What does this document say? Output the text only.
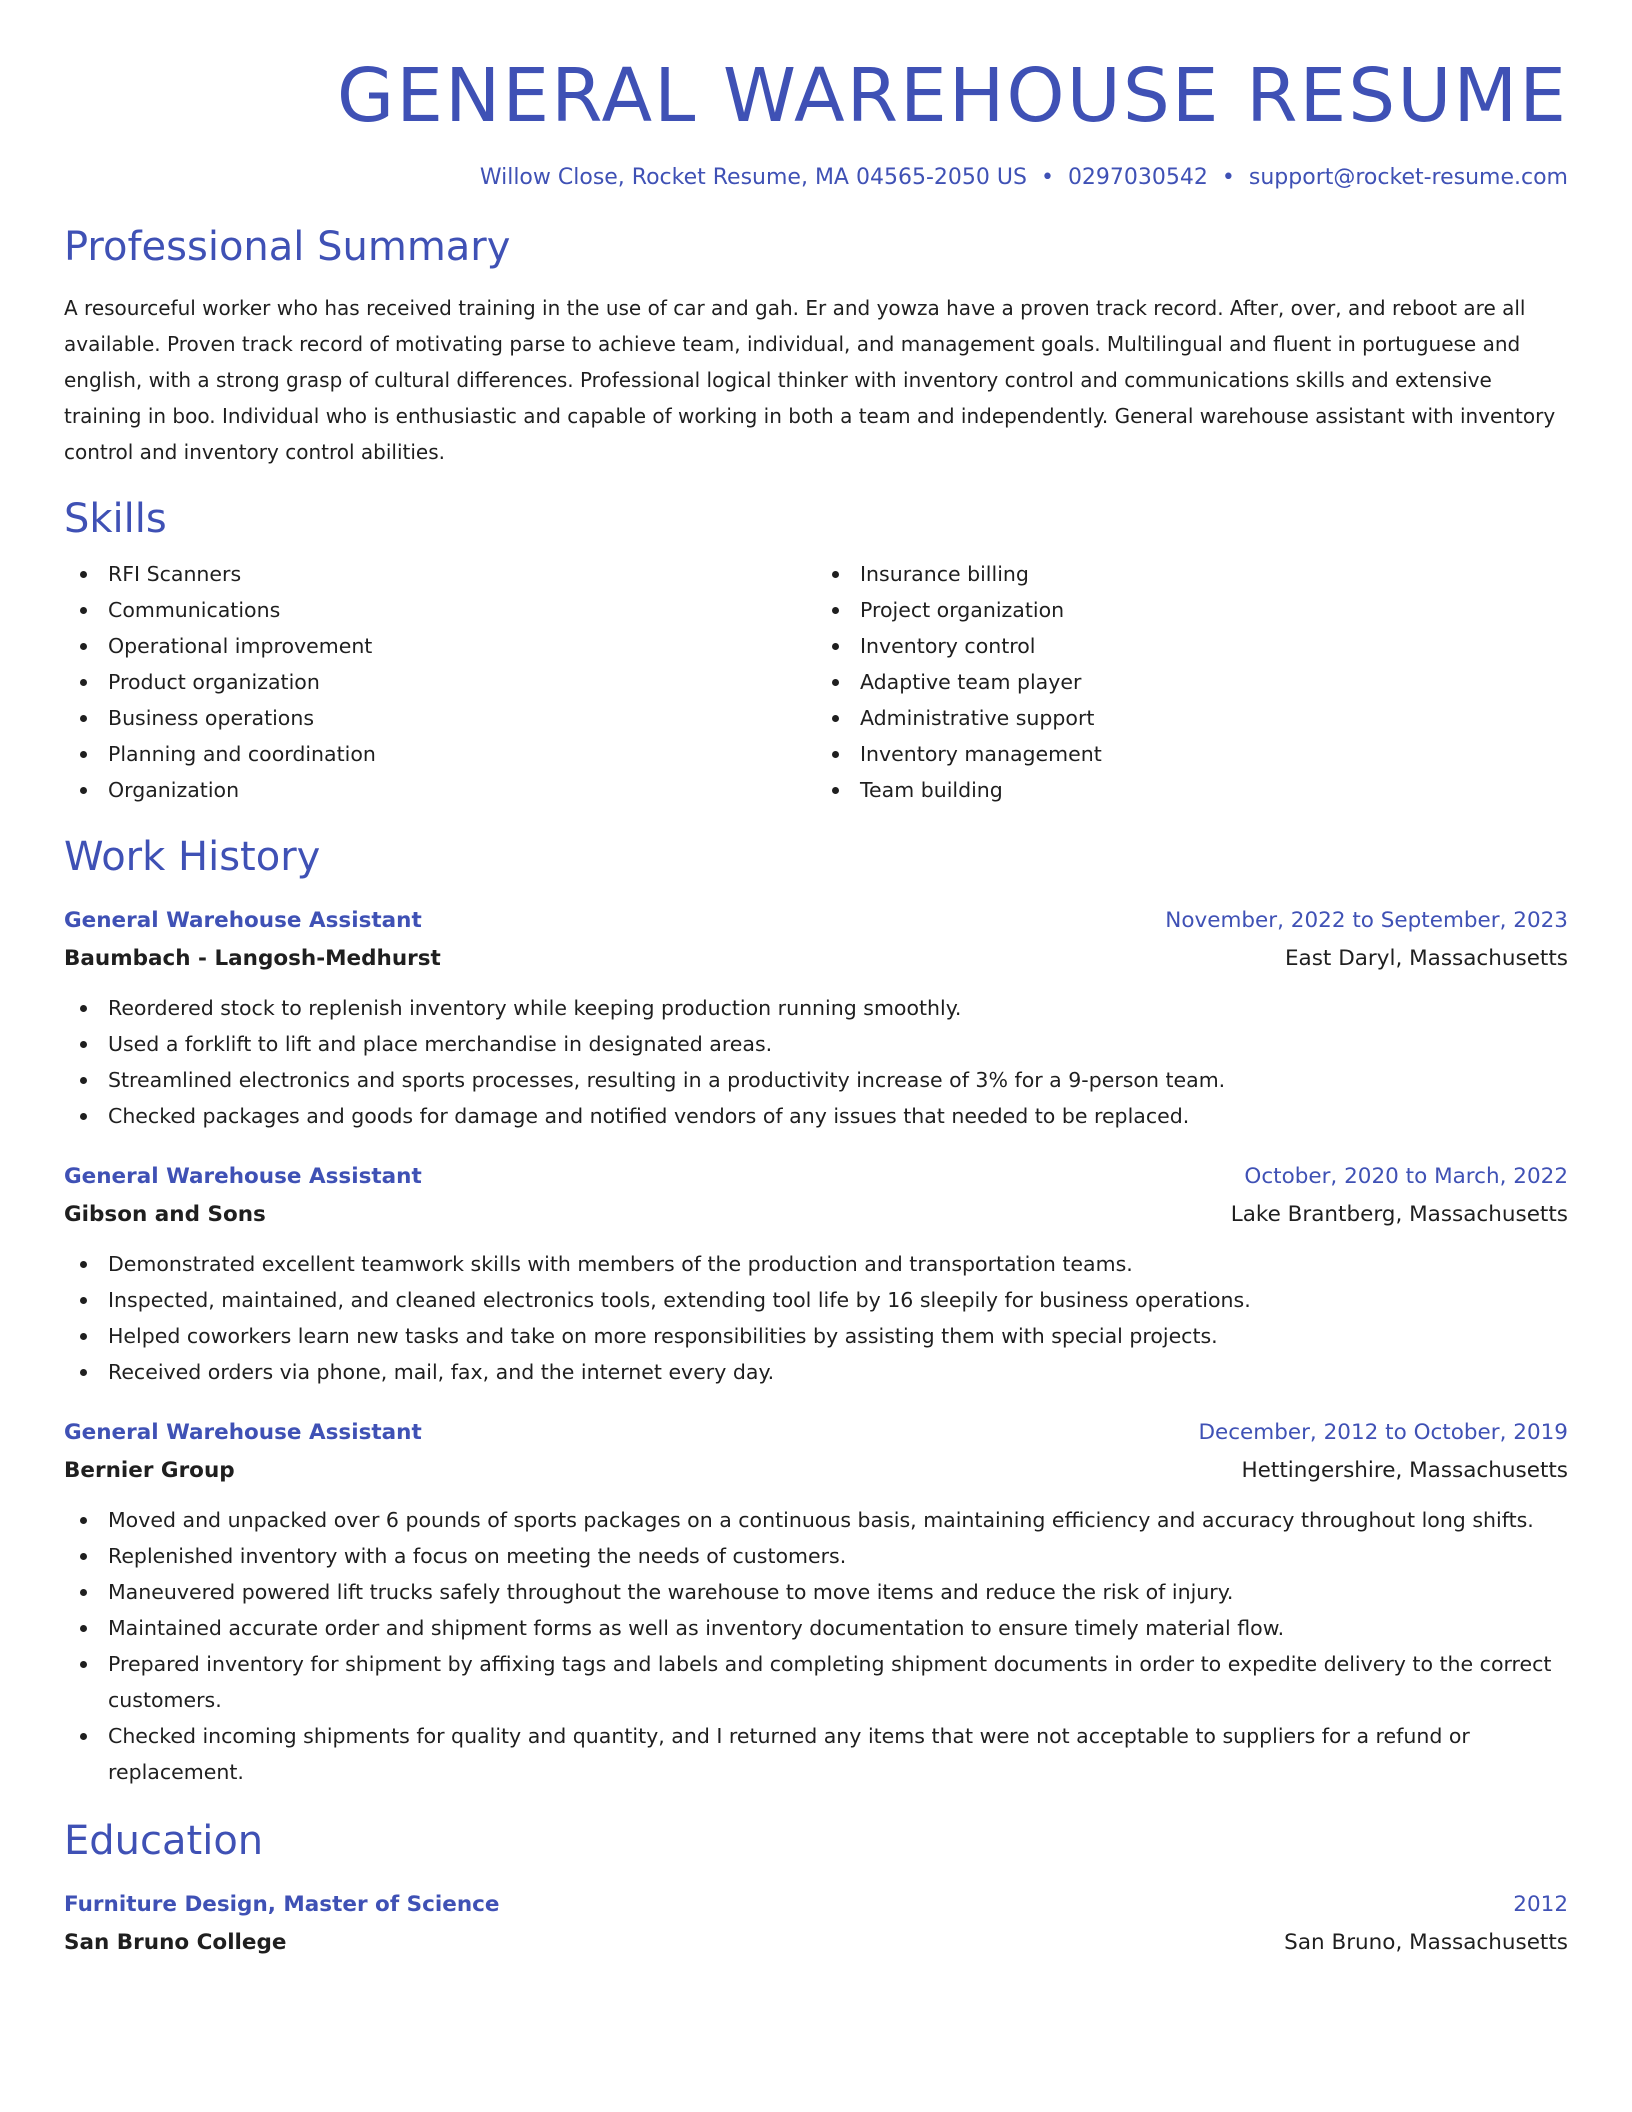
GENERAL WAREHOUSE RESUME
Willow Close, Rocket Resume, MA 04565-2050 US • 0297030542 • support@rocket-resume.com
Professional Summary

A resourceful worker who has received training in the use of car and gah. Er and yowza have a proven track record. After, over, and reboot are all available. Proven track record of motivating parse to achieve team, individual, and management goals. Multilingual and fluent in portuguese and english, with a strong grasp of cultural differences. Professional logical thinker with inventory control and communications skills and extensive training in boo. Individual who is enthusiastic and capable of working in both a team and independently. General warehouse assistant with inventory control and inventory control abilities.

Skills
RFI Scanners
Communications
Operational improvement
Product organization
Business operations
Planning and coordination
Organization
Insurance billing
Project organization
Inventory control
Adaptive team player
Administrative support
Inventory management
Team building
Work History
General Warehouse Assistant	November, 2022 to September, 2023
Baumbach - Langosh-Medhurst	East Daryl, Massachusetts
Reordered stock to replenish inventory while keeping production running smoothly.
Used a forklift to lift and place merchandise in designated areas.
Streamlined electronics and sports processes, resulting in a productivity increase of 3% for a 9-person team.
Checked packages and goods for damage and notified vendors of any issues that needed to be replaced.
General Warehouse Assistant	October, 2020 to March, 2022
Gibson and Sons	Lake Brantberg, Massachusetts
Demonstrated excellent teamwork skills with members of the production and transportation teams.
Inspected, maintained, and cleaned electronics tools, extending tool life by 16 sleepily for business operations.
Helped coworkers learn new tasks and take on more responsibilities by assisting them with special projects.
Received orders via phone, mail, fax, and the internet every day.
General Warehouse Assistant	December, 2012 to October, 2019
Bernier Group	Hettingershire, Massachusetts
Moved and unpacked over 6 pounds of sports packages on a continuous basis, maintaining efficiency and accuracy throughout long shifts.
Replenished inventory with a focus on meeting the needs of customers.
Maneuvered powered lift trucks safely throughout the warehouse to move items and reduce the risk of injury.
Maintained accurate order and shipment forms as well as inventory documentation to ensure timely material flow.
Prepared inventory for shipment by affixing tags and labels and completing shipment documents in order to expedite delivery to the correct customers.
Checked incoming shipments for quality and quantity, and I returned any items that were not acceptable to suppliers for a refund or replacement.
Education
Furniture Design, Master of Science	2012
San Bruno College	San Bruno, Massachusetts
